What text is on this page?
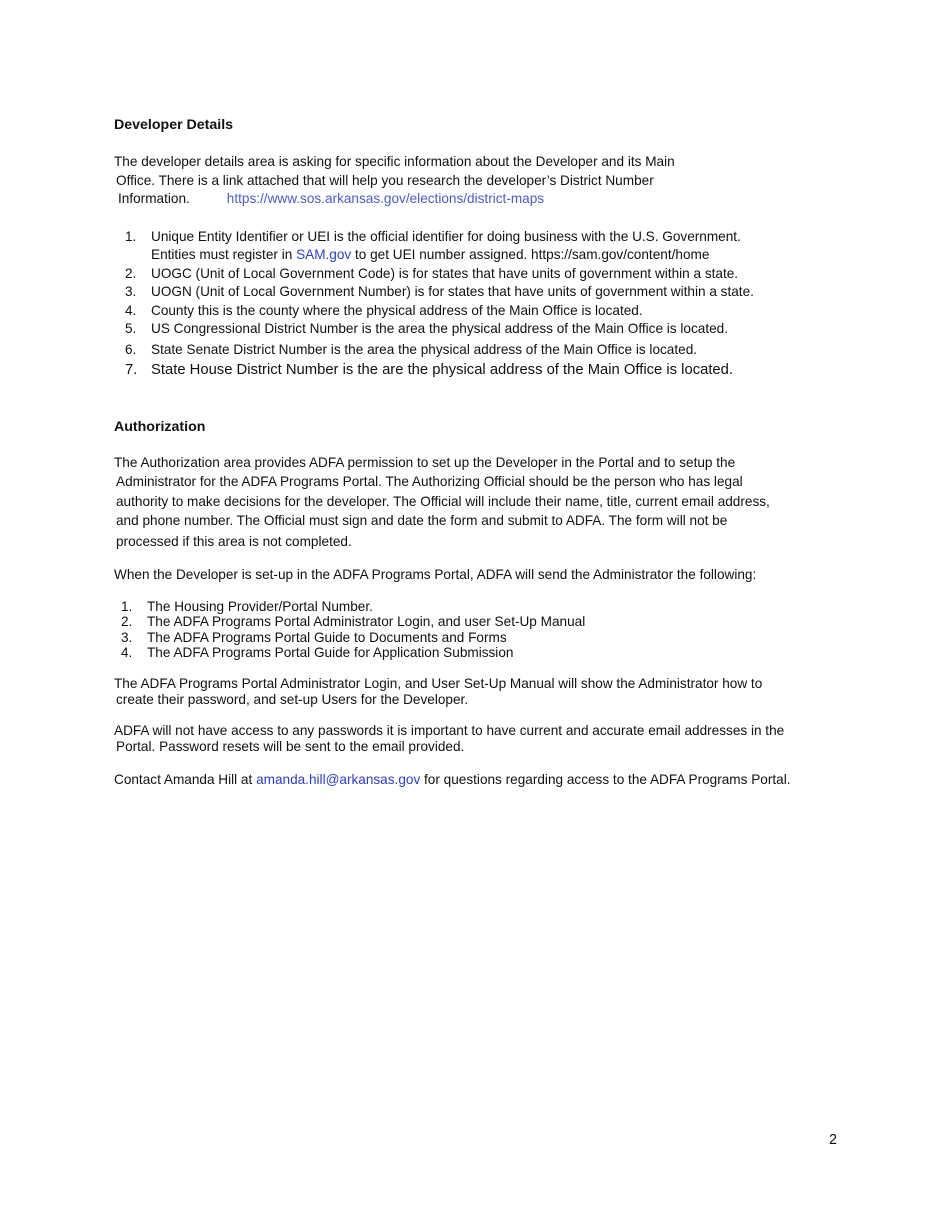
Developer Details

The developer details area is asking for specific information about the Developer and its Main

Office. There is a link attached that will help you research the developer’s District Number

Information.	https://www.sos.arkansas.gov/elections/district-maps

1. Unique Entity Identifier or UEI is the official identifier for doing business with the U.S. Government.
Entities must register in SAM.gov to get UEI number assigned. https://sam.gov/content/home
2. UOGC (Unit of Local Government Code) is for states that have units of government within a state.
3. UOGN (Unit of Local Government Number) is for states that have units of government within a state.
4. County this is the county where the physical address of the Main Office is located.
5. US Congressional District Number is the area the physical address of the Main Office is located.
6. State Senate District Number is the area the physical address of the Main Office is located.
7. State House District Number is the are the physical address of the Main Office is located.
Authorization

The Authorization area provides ADFA permission to set up the Developer in the Portal and to setup the

Administrator for the ADFA Programs Portal. The Authorizing Official should be the person who has legal

authority to make decisions for the developer. The Official will include their name, title, current email address,

and phone number. The Official must sign and date the form and submit to ADFA. The form will not be

processed if this area is not completed.

When the Developer is set-up in the ADFA Programs Portal, ADFA will send the Administrator the following:

1. The Housing Provider/Portal Number.
2. The ADFA Programs Portal Administrator Login, and user Set-Up Manual
3. The ADFA Programs Portal Guide to Documents and Forms
4. The ADFA Programs Portal Guide for Application Submission

The ADFA Programs Portal Administrator Login, and User Set-Up Manual will show the Administrator how to

create their password, and set-up Users for the Developer.

ADFA will not have access to any passwords it is important to have current and accurate email addresses in the

Portal. Password resets will be sent to the email provided.

Contact Amanda Hill at amanda.hill@arkansas.gov for questions regarding access to the ADFA Programs Portal.

2
